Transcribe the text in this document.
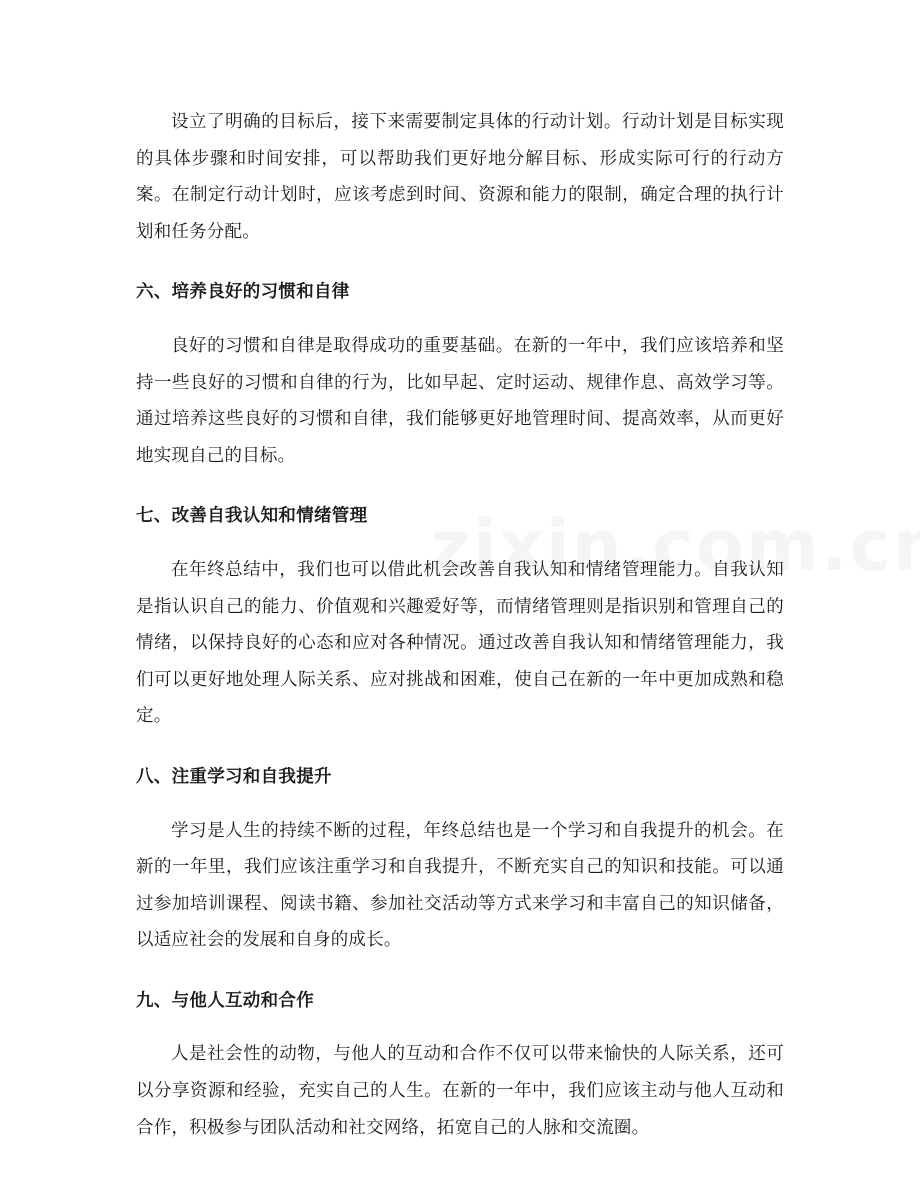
设立了明确的目标后，接下来需要制定具体的行动计划。行动计划是目标实现的具体步骤和时间安排，可以帮助我们更好地分解目标、形成实际可行的行动方案。在制定行动计划时，应该考虑到时间、资源和能力的限制，确定合理的执行计划和任务分配。

六、培养良好的习惯和自律

良好的习惯和自律是取得成功的重要基础。在新的一年中，我们应该培养和坚持一些良好的习惯和自律的行为，比如早起、定时运动、规律作息、高效学习等。通过培养这些良好的习惯和自律，我们能够更好地管理时间、提高效率，从而更好地实现自己的目标。

七、改善自我认知和情绪管理

在年终总结中，我们也可以借此机会改善自我认知和情绪管理能力。自我认知是指认识自己的能力、价值观和兴趣爱好等，而情绪管理则是指识别和管理自己的情绪，以保持良好的心态和应对各种情况。通过改善自我认知和情绪管理能力，我们可以更好地处理人际关系、应对挑战和困难，使自己在新的一年中更加成熟和稳定。

八、注重学习和自我提升

学习是人生的持续不断的过程，年终总结也是一个学习和自我提升的机会。在新的一年里，我们应该注重学习和自我提升，不断充实自己的知识和技能。可以通过参加培训课程、阅读书籍、参加社交活动等方式来学习和丰富自己的知识储备，以适应社会的发展和自身的成长。

九、与他人互动和合作

人是社会性的动物，与他人的互动和合作不仅可以带来愉快的人际关系，还可以分享资源和经验，充实自己的人生。在新的一年中，我们应该主动与他人互动和合作，积极参与团队活动和社交网络，拓宽自己的人脉和交流圈。
